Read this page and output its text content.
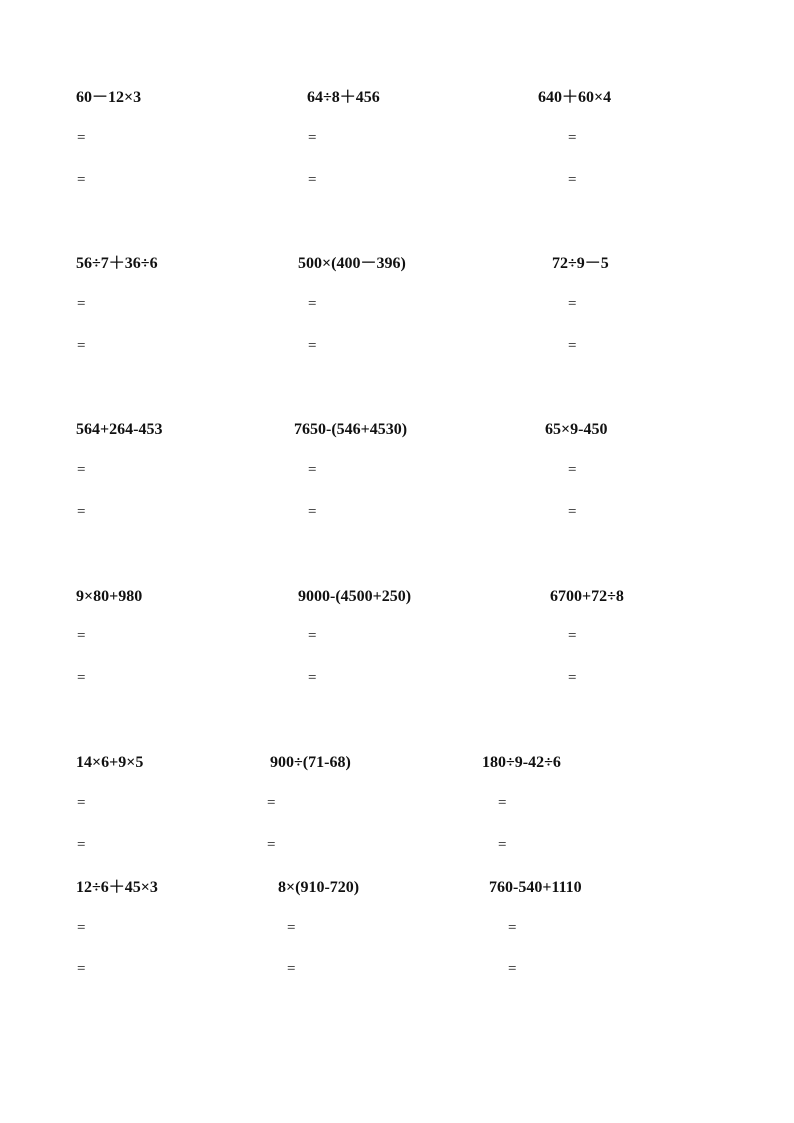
60－12×3
=
=
64÷8＋456
=
=
640＋60×4
=
=
56÷7＋36÷6
=
=
500×(400－396)
=
=
72÷9－5
=
=
564+264-453
=
=
7650-(546+4530)
=
=
65×9-450
=
=
9×80+980
=
=
9000-(4500+250)
=
=
6700+72÷8
=
=
14×6+9×5
=
=
900÷(71-68)
=
=
180÷9-42÷6
=
=
12÷6＋45×3
=
=
8×(910-720)
=
=
760-540+1110
=
=
